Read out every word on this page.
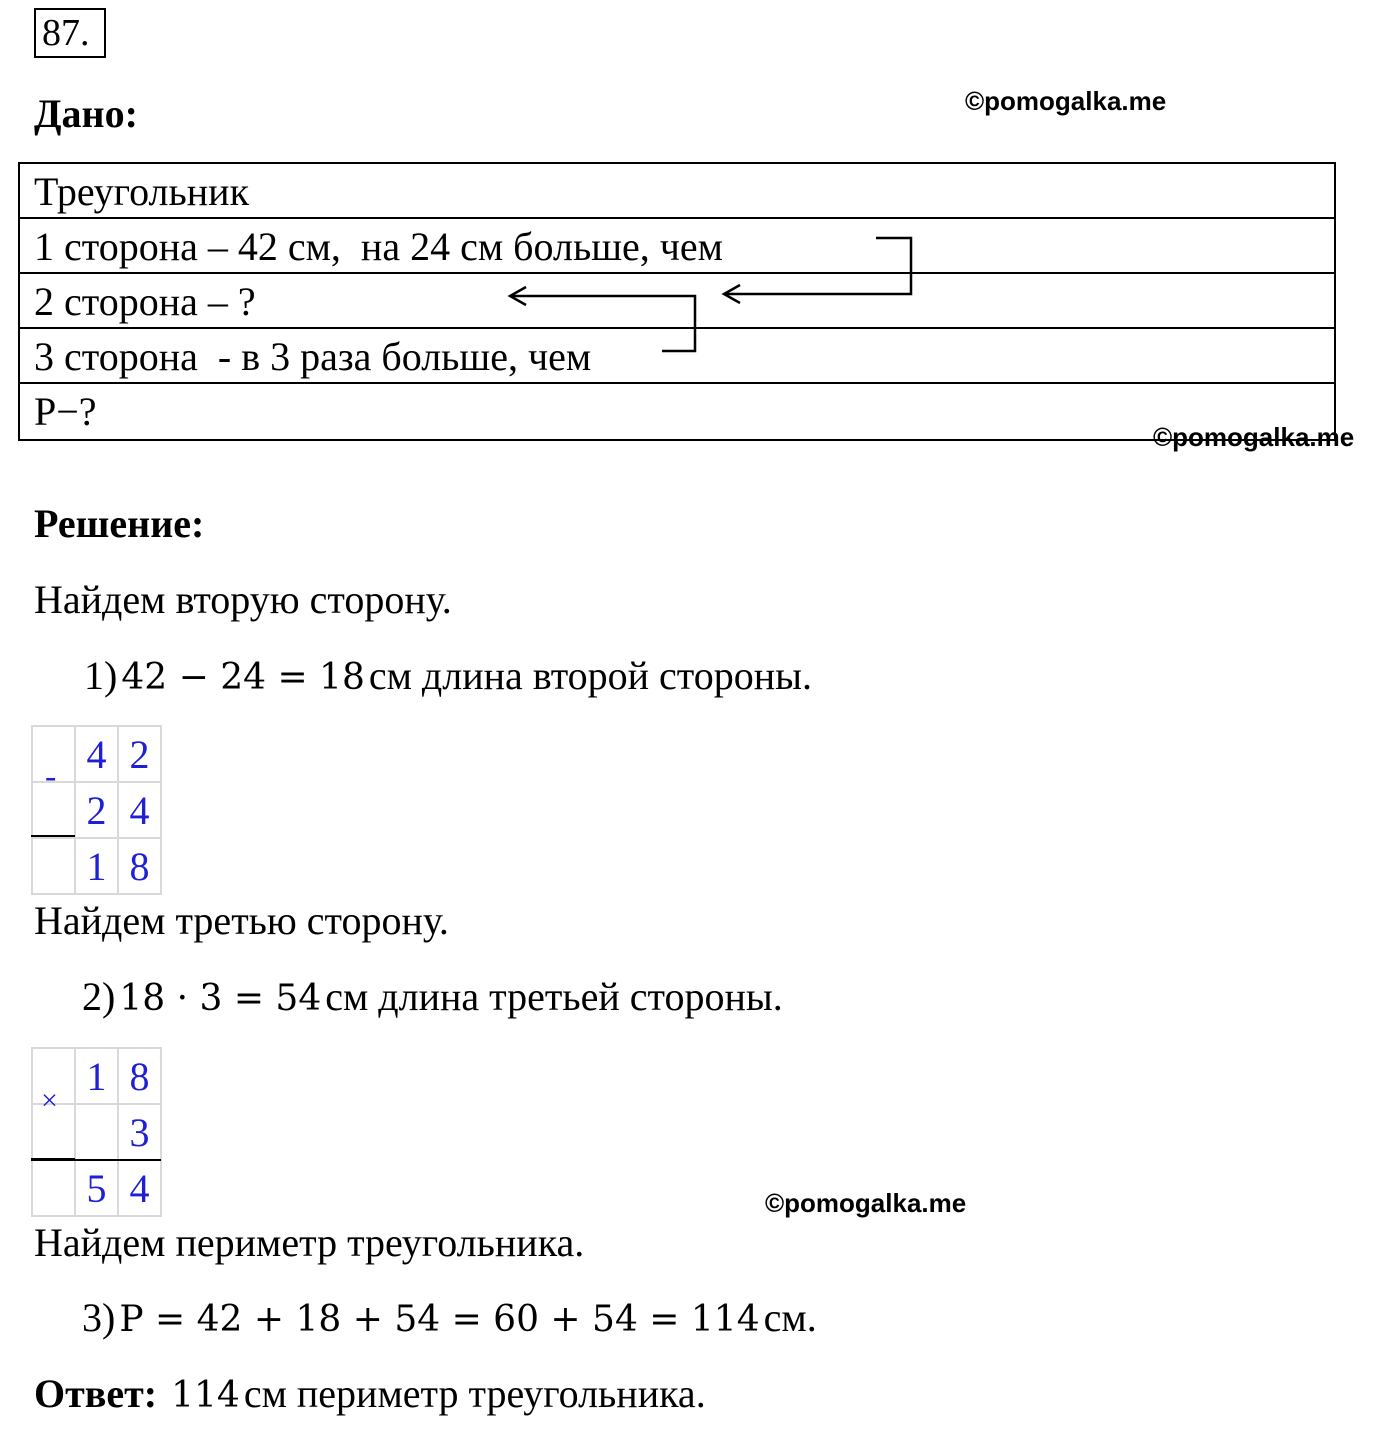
87.
Дано:	©pomogalka.me
Треугольник
1 сторона – 42 см,  на 24 см больше, чем
2 сторона – ?
3 сторона  - в 3 раза больше, чем
P−?
©pomogalka.me
Решение:
Найдем вторую сторону.
1) 42 − 24 = 18 см длина второй стороны.
	4	2
	2	4
	1	8
-
Найдем третью сторону.
2) 18 · 3 = 54 см длина третьей стороны.
	1	8
		3
	5	4
×
©pomogalka.me
Найдем периметр треугольника.
3) P = 42 + 18 + 54 = 60 + 54 = 114 см.
Ответ: 114 см периметр треугольника.
